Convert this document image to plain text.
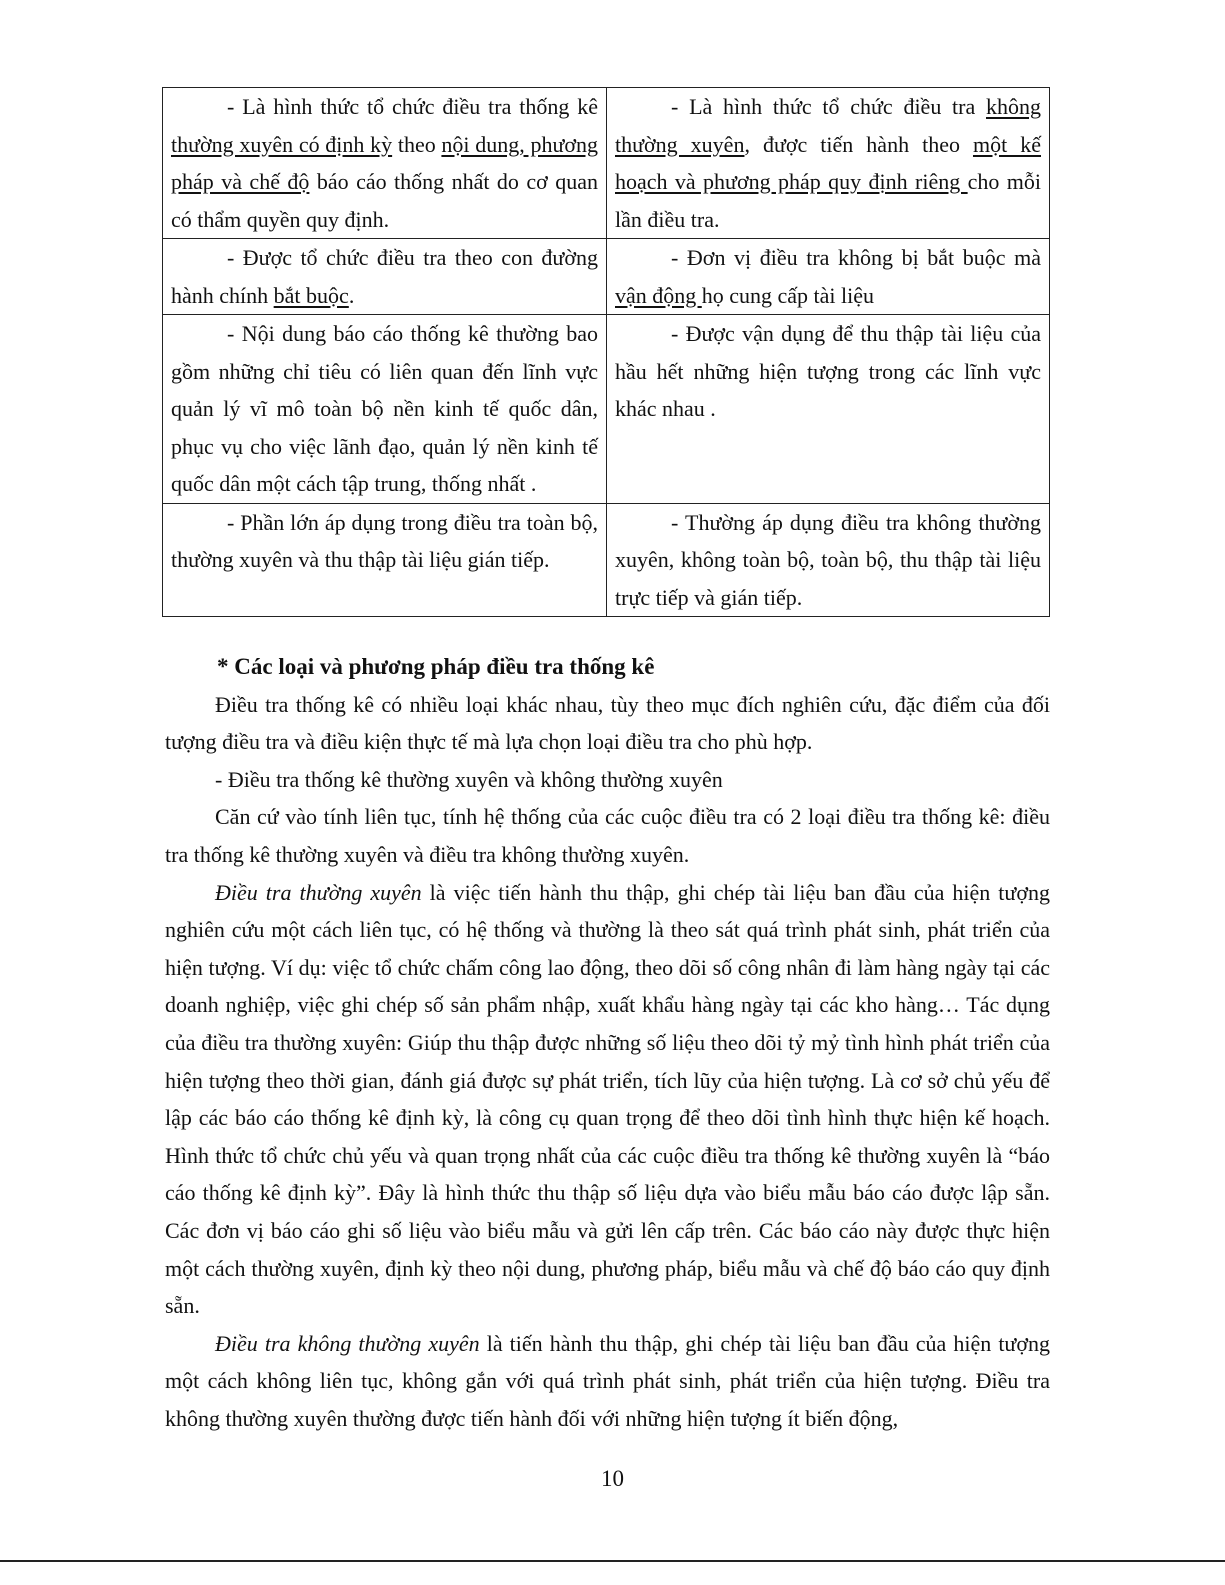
- Là hình thức tổ chức điều tra thống kê thường xuyên có định kỳ theo nội dung, phương pháp và chế độ báo cáo thống nhất do cơ quan có thẩm quyền quy định.	- Là hình thức tổ chức điều tra không thường xuyên, được tiến hành theo một kế hoạch và phương pháp quy định riêng cho mỗi lần điều tra.

- Được tổ chức điều tra theo con đường hành chính bắt buộc.	- Đơn vị điều tra không bị bắt buộc mà vận động họ cung cấp tài liệu

- Nội dung báo cáo thống kê thường bao gồm những chỉ tiêu có liên quan đến lĩnh vực quản lý vĩ mô toàn bộ nền kinh tế quốc dân, phục vụ cho việc lãnh đạo, quản lý nền kinh tế quốc dân một cách tập trung, thống nhất .	- Được vận dụng để thu thập tài liệu của hầu hết những hiện tượng trong các lĩnh vực khác nhau .

- Phần lớn áp dụng trong điều tra toàn bộ, thường xuyên và thu thập tài liệu gián tiếp.	- Thường áp dụng điều tra không thường xuyên, không toàn bộ, toàn bộ, thu thập tài liệu trực tiếp và gián tiếp.

* Các loại và phương pháp điều tra thống kê

Điều tra thống kê có nhiều loại khác nhau, tùy theo mục đích nghiên cứu, đặc điểm của đối tượng điều tra và điều kiện thực tế mà lựa chọn loại điều tra cho phù hợp.

- Điều tra thống kê thường xuyên và không thường xuyên

Căn cứ vào tính liên tục, tính hệ thống của các cuộc điều tra có 2 loại điều tra thống kê: điều tra thống kê thường xuyên và điều tra không thường xuyên.

Điều tra thường xuyên là việc tiến hành thu thập, ghi chép tài liệu ban đầu của hiện tượng nghiên cứu một cách liên tục, có hệ thống và thường là theo sát quá trình phát sinh, phát triển của hiện tượng. Ví dụ: việc tổ chức chấm công lao động, theo dõi số công nhân đi làm hàng ngày tại các doanh nghiệp, việc ghi chép số sản phẩm nhập, xuất khẩu hàng ngày tại các kho hàng… Tác dụng của điều tra thường xuyên: Giúp thu thập được những số liệu theo dõi tỷ mỷ tình hình phát triển của hiện tượng theo thời gian, đánh giá được sự phát triển, tích lũy của hiện tượng. Là cơ sở chủ yếu để lập các báo cáo thống kê định kỳ, là công cụ quan trọng để theo dõi tình hình thực hiện kế hoạch. Hình thức tổ chức chủ yếu và quan trọng nhất của các cuộc điều tra thống kê thường xuyên là “báo cáo thống kê định kỳ”. Đây là hình thức thu thập số liệu dựa vào biểu mẫu báo cáo được lập sẵn. Các đơn vị báo cáo ghi số liệu vào biểu mẫu và gửi lên cấp trên. Các báo cáo này được thực hiện một cách thường xuyên, định kỳ theo nội dung, phương pháp, biểu mẫu và chế độ báo cáo quy định sẵn.

Điều tra không thường xuyên là tiến hành thu thập, ghi chép tài liệu ban đầu của hiện tượng một cách không liên tục, không gắn với quá trình phát sinh, phát triển của hiện tượng. Điều tra không thường xuyên thường được tiến hành đối với những hiện tượng ít biến động,

10
